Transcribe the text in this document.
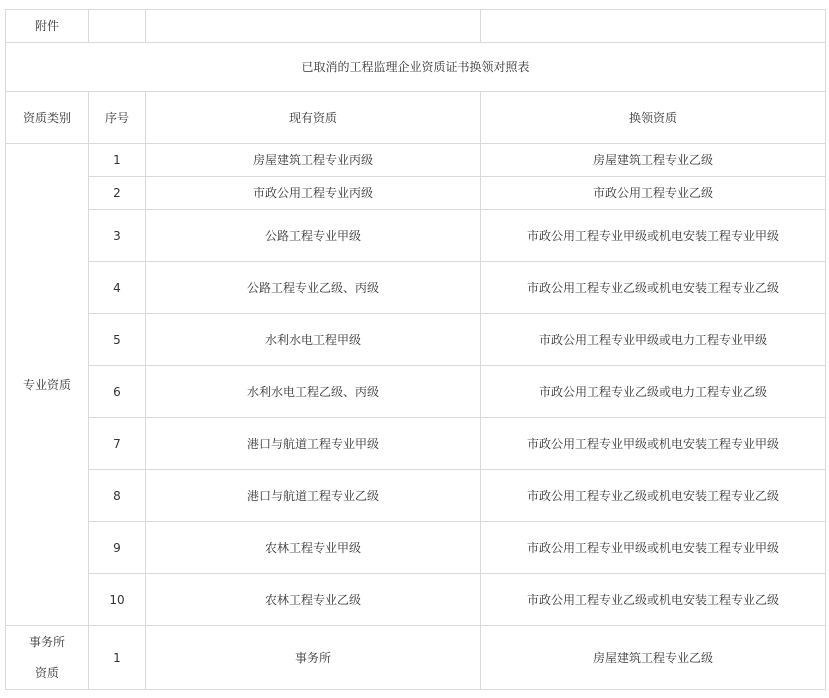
附件			
已取消的工程监理企业资质证书换领对照表			
资质类别	序号	现有资质	换领资质
专业资质	1	房屋建筑工程专业丙级	房屋建筑工程专业乙级
	2	市政公用工程专业丙级	市政公用工程专业乙级
	3	公路工程专业甲级	市政公用工程专业甲级或机电安装工程专业甲级
	4	公路工程专业乙级、丙级	市政公用工程专业乙级或机电安装工程专业乙级
	5	水利水电工程甲级	市政公用工程专业甲级或电力工程专业甲级
	6	水利水电工程乙级、丙级	市政公用工程专业乙级或电力工程专业乙级
	7	港口与航道工程专业甲级	市政公用工程专业甲级或机电安装工程专业甲级
	8	港口与航道工程专业乙级	市政公用工程专业乙级或机电安装工程专业乙级
	9	农林工程专业甲级	市政公用工程专业甲级或机电安装工程专业甲级
	10	农林工程专业乙级	市政公用工程专业乙级或机电安装工程专业乙级

事务所
资质	1	事务所	房屋建筑工程专业乙级
